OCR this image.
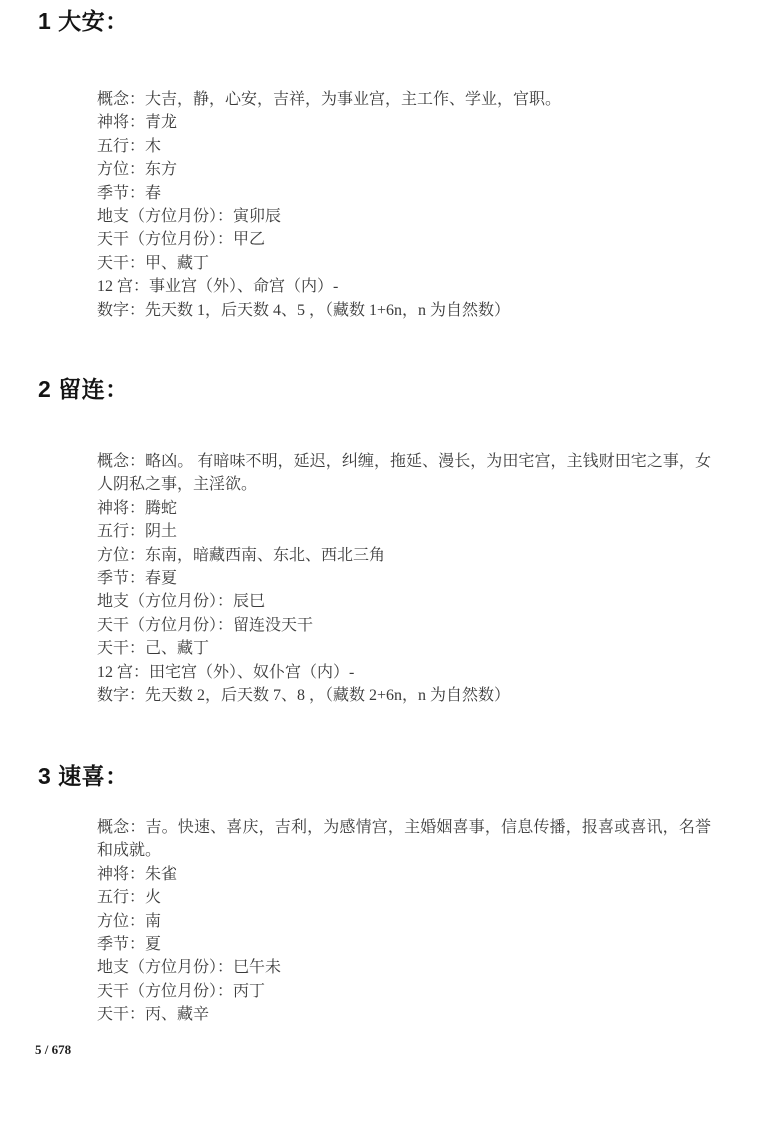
1 大安：

概念：大吉，静，心安，吉祥，为事业宫，主工作、学业，官职。

神将：青龙

五行：木

方位：东方

季节：春

地支（方位月份）：寅卯辰

天干（方位月份）：甲乙

天干：甲、藏丁

12 宫：事业宫（外）、命宫（内）-

数字：先天数 1，后天数 4、5 ，（藏数 1+6n，n 为自然数）

2 留连：

概念：略凶。 有暗味不明，延迟，纠缠，拖延、漫长，为田宅宫，主钱财田宅之事，女人阴私之事，主淫欲。

神将：腾蛇

五行：阴土

方位：东南，暗藏西南、东北、西北三角

季节：春夏

地支（方位月份）：辰巳

天干（方位月份）：留连没天干

天干：己、藏丁

12 宫：田宅宫（外）、奴仆宫（内）-

数字：先天数 2，后天数 7、8 ，（藏数 2+6n，n 为自然数）

3 速喜：

概念：吉。快速、喜庆，吉利，为感情宫，主婚姻喜事，信息传播，报喜或喜讯，名誉和成就。

神将：朱雀

五行：火

方位：南

季节：夏

地支（方位月份）：巳午未

天干（方位月份）：丙丁

天干：丙、藏辛

5 / 678
